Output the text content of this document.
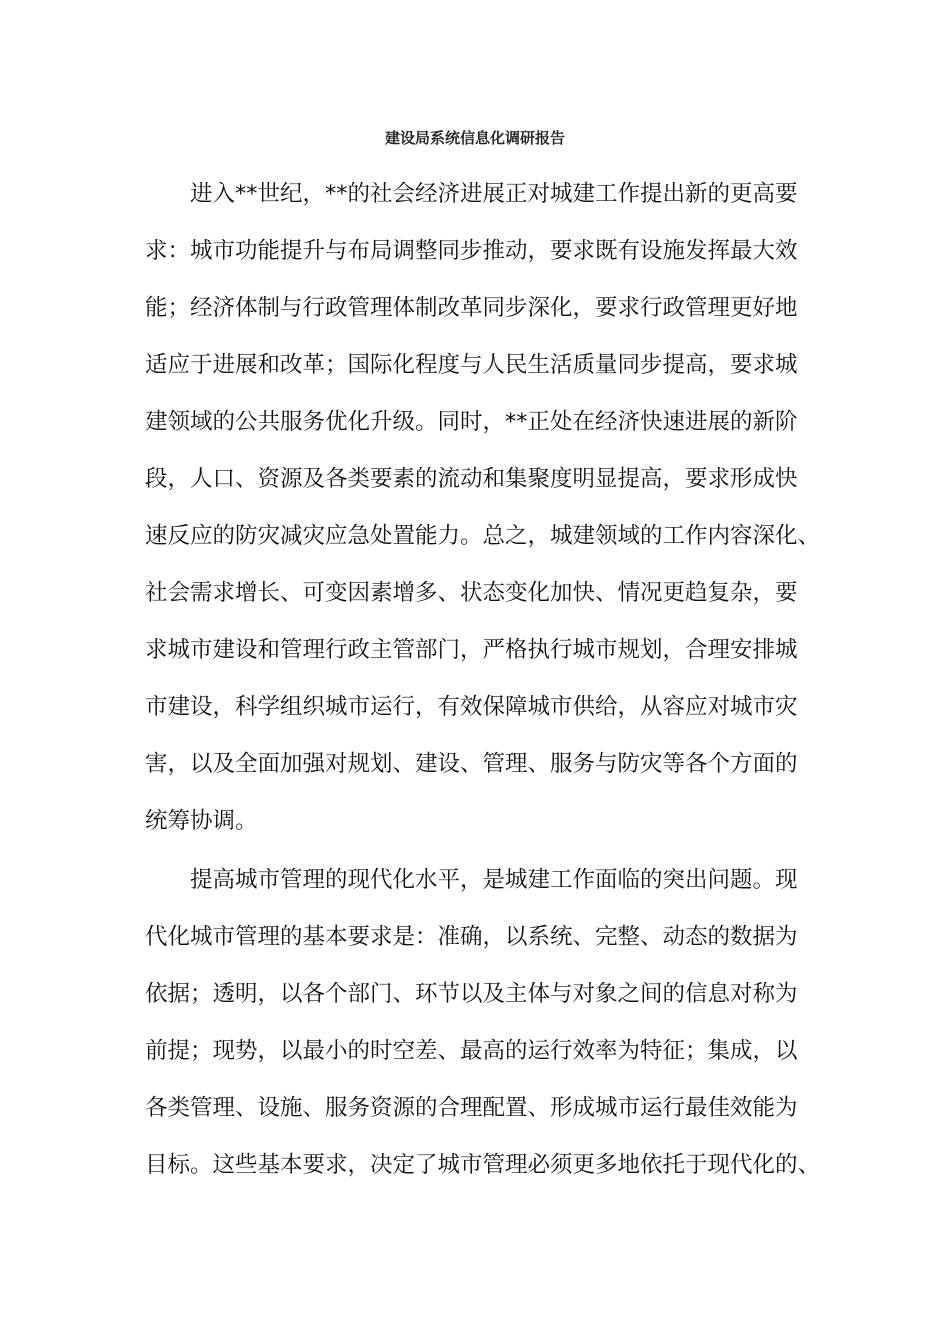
建设局系统信息化调研报告
进入**世纪，**的社会经济进展正对城建工作提出新的更高要
求：城市功能提升与布局调整同步推动，要求既有设施发挥最大效
能；经济体制与行政管理体制改革同步深化，要求行政管理更好地
适应于进展和改革；国际化程度与人民生活质量同步提高，要求城
建领域的公共服务优化升级。同时，**正处在经济快速进展的新阶
段，人口、资源及各类要素的流动和集聚度明显提高，要求形成快
速反应的防灾减灾应急处置能力。总之，城建领域的工作内容深化、
社会需求增长、可变因素增多、状态变化加快、情况更趋复杂，要
求城市建设和管理行政主管部门，严格执行城市规划，合理安排城
市建设，科学组织城市运行，有效保障城市供给，从容应对城市灾
害，以及全面加强对规划、建设、管理、服务与防灾等各个方面的
统筹协调。
提高城市管理的现代化水平，是城建工作面临的突出问题。现
代化城市管理的基本要求是：准确，以系统、完整、动态的数据为
依据；透明，以各个部门、环节以及主体与对象之间的信息对称为
前提；现势，以最小的时空差、最高的运行效率为特征；集成，以
各类管理、设施、服务资源的合理配置、形成城市运行最佳效能为
目标。这些基本要求，决定了城市管理必须更多地依托于现代化的、
